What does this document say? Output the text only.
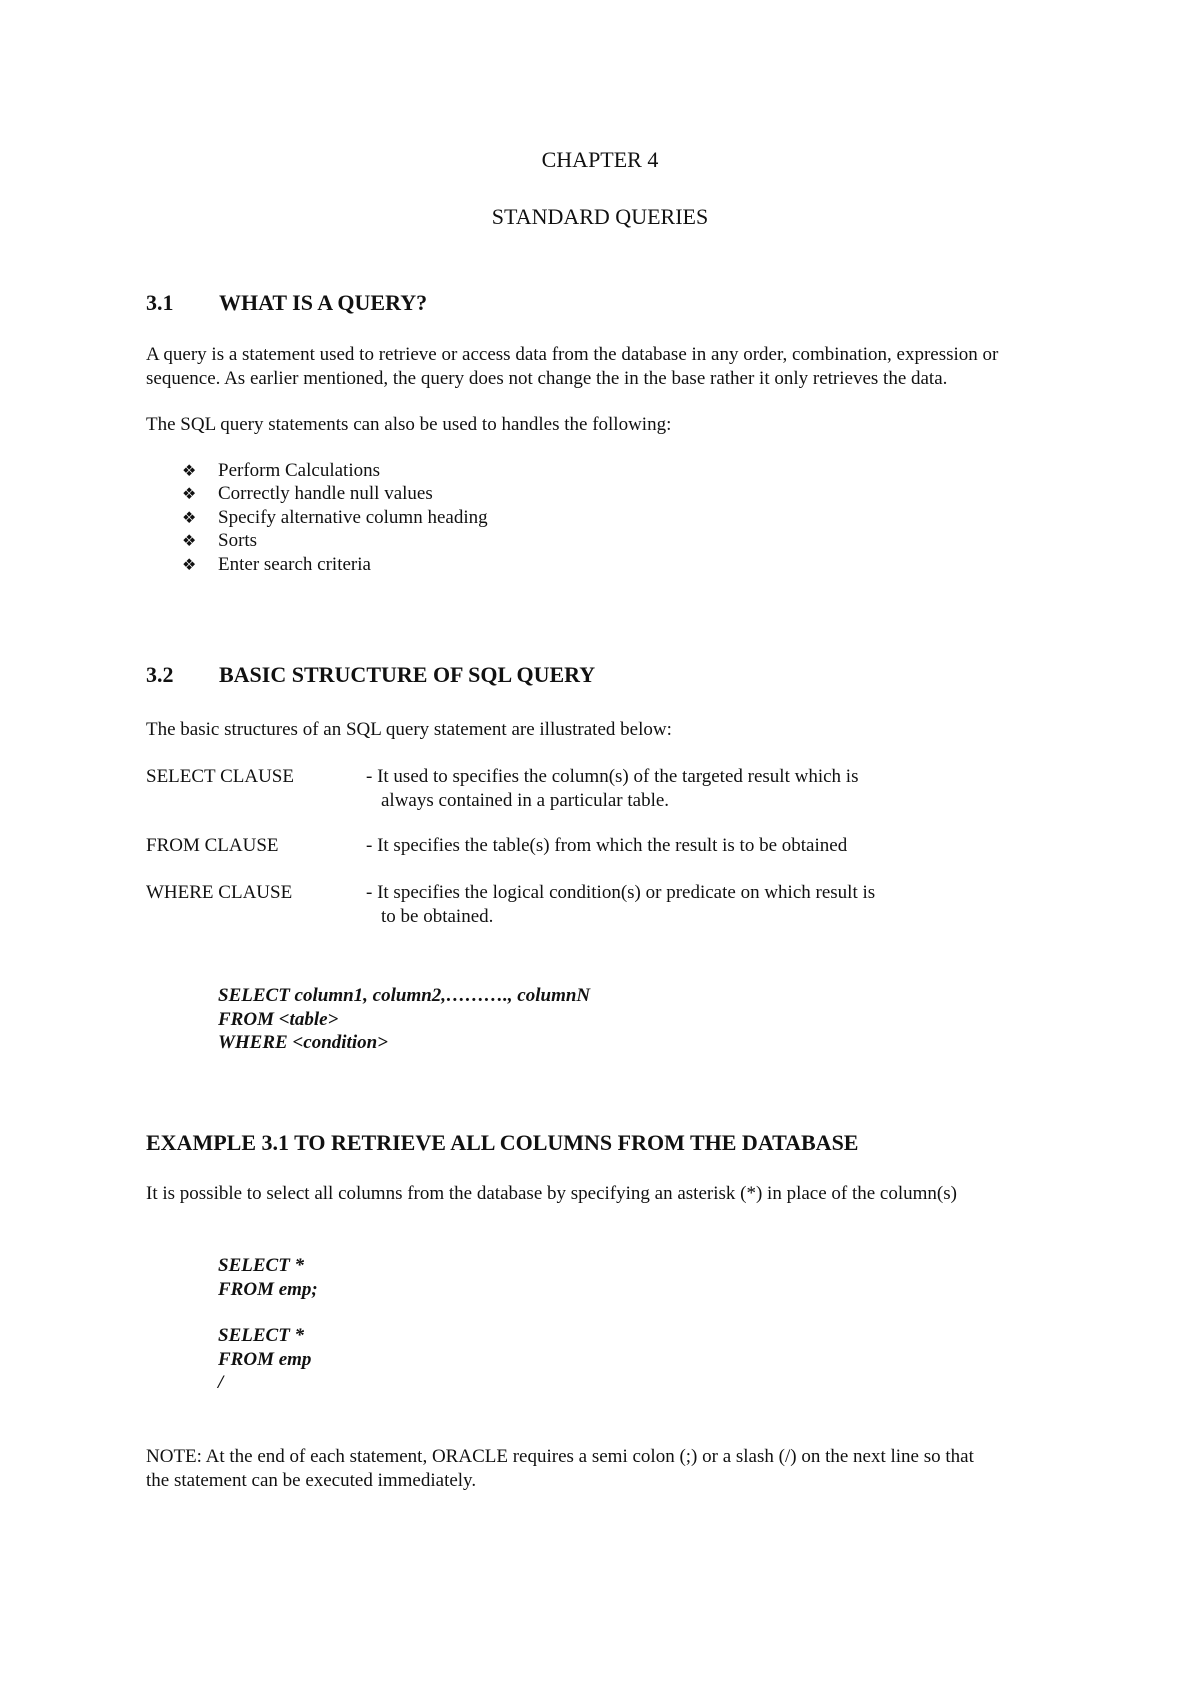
CHAPTER 4
STANDARD QUERIES
3.1 WHAT IS A QUERY?
A query is a statement used to retrieve or access data from the database in any order, combination, expression or
sequence. As earlier mentioned, the query does not change the in the base rather it only retrieves the data.
The SQL query statements can also be used to handles the following:
❖ Perform Calculations
❖ Correctly handle null values
❖ Specify alternative column heading
❖ Sorts
❖ Enter search criteria
3.2 BASIC STRUCTURE OF SQL QUERY
The basic structures of an SQL query statement are illustrated below:
SELECT CLAUSE	- It used to specifies the column(s) of the targeted result which is
always contained in a particular table.
FROM CLAUSE	- It specifies the table(s) from which the result is to be obtained
WHERE CLAUSE	- It specifies the logical condition(s) or predicate on which result is
to be obtained.
SELECT column1, column2,………., columnN
FROM <table>
WHERE <condition>
EXAMPLE 3.1 TO RETRIEVE ALL COLUMNS FROM THE DATABASE
It is possible to select all columns from the database by specifying an asterisk (*) in place of the column(s)
SELECT *
FROM emp;
SELECT *
FROM emp
/
NOTE: At the end of each statement, ORACLE requires a semi colon (;) or a slash (/) on the next line so that
the statement can be executed immediately.
